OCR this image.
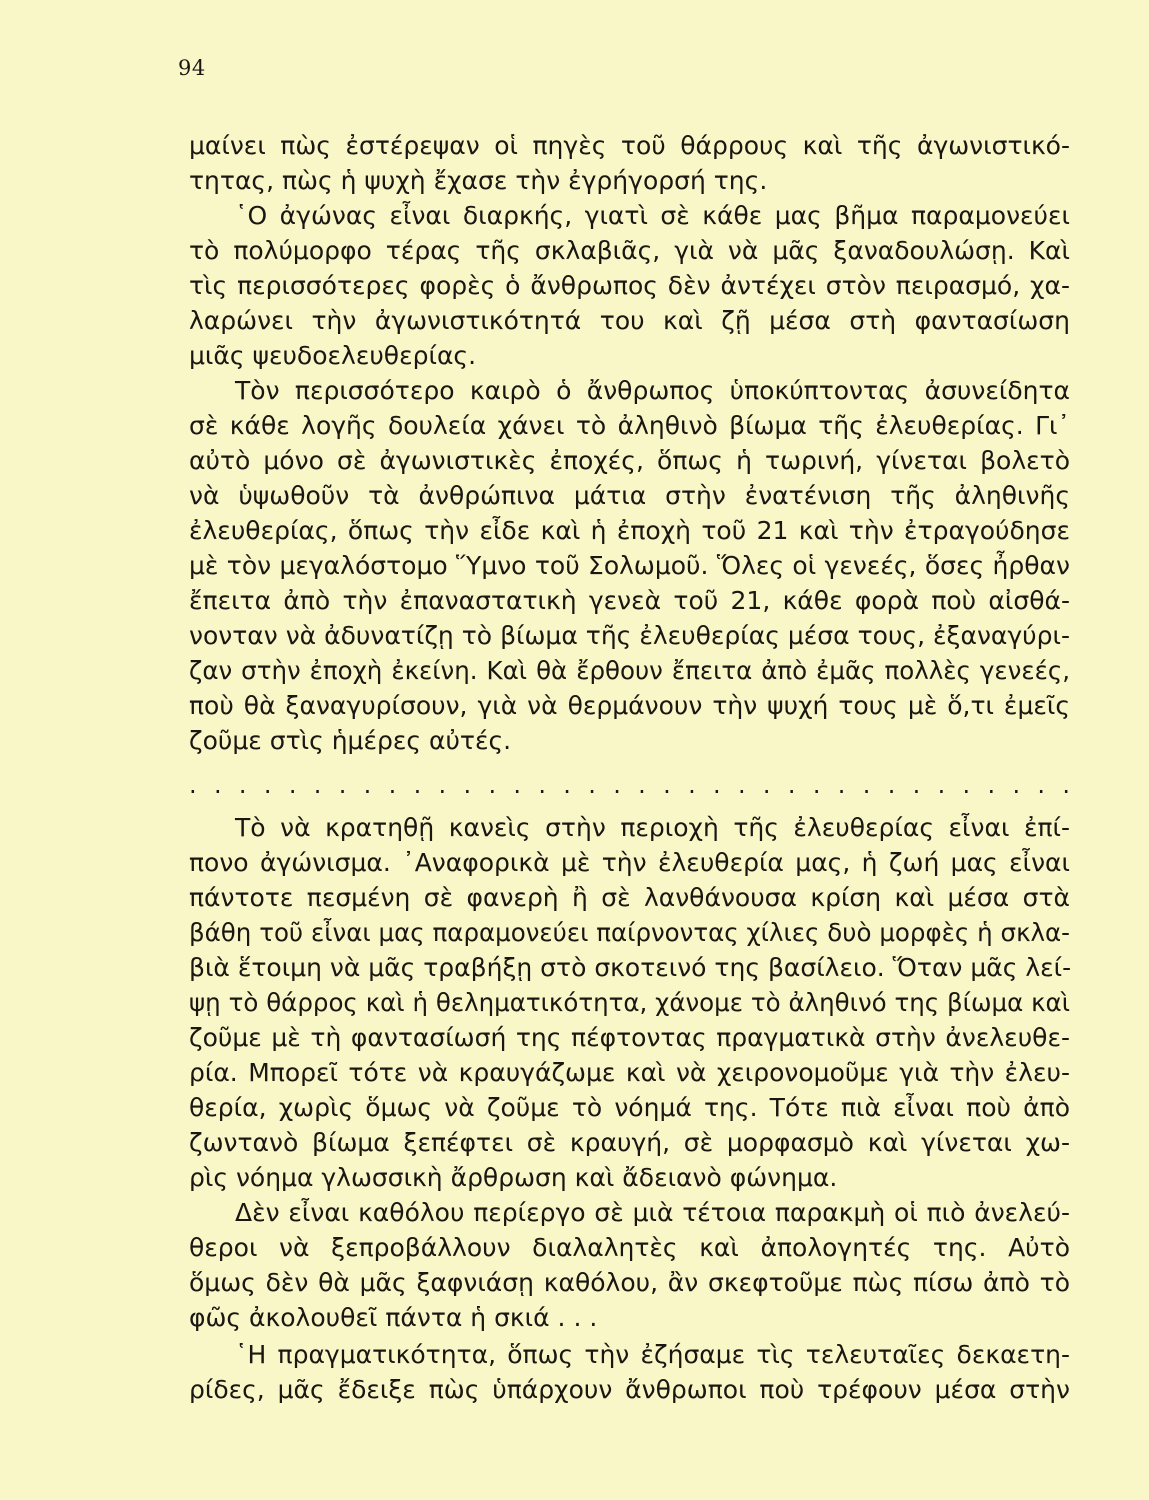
94
μαίνει πὼς ἐστέρεψαν οἱ πηγὲς τοῦ θάρρους καὶ τῆς ἀγωνιστικό-
τητας, πὼς ἡ ψυχὴ ἔχασε τὴν ἐγρήγορσή της.
῾Ο ἀγώνας εἶναι διαρκής, γιατὶ σὲ κάθε μας βῆμα παραμονεύει
τὸ πολύμορφο τέρας τῆς σκλαβιᾶς, γιὰ νὰ μᾶς ξαναδουλώσῃ. Καὶ
τὶς περισσότερες φορὲς ὁ ἄνθρωπος δὲν ἀντέχει στὸν πειρασμό, χα-
λαρώνει τὴν ἀγωνιστικότητά του καὶ ζῇ μέσα στὴ φαντασίωση
μιᾶς ψευδοελευθερίας.
Τὸν περισσότερο καιρὸ ὁ ἄνθρωπος ὑποκύπτοντας ἀσυνείδητα
σὲ κάθε λογῆς δουλεία χάνει τὸ ἀληθινὸ βίωμα τῆς ἐλευθερίας. Γι᾿
αὐτὸ μόνο σὲ ἀγωνιστικὲς ἐποχές, ὅπως ἡ τωρινή, γίνεται βολετὸ
νὰ ὑψωθοῦν τὰ ἀνθρώπινα μάτια στὴν ἐνατένιση τῆς ἀληθινῆς
ἐλευθερίας, ὅπως τὴν εἶδε καὶ ἡ ἐποχὴ τοῦ 21 καὶ τὴν ἐτραγούδησε
μὲ τὸν μεγαλόστομο Ὕμνο τοῦ Σολωμοῦ. Ὅλες οἱ γενεές, ὅσες ἦρθαν
ἔπειτα ἀπὸ τὴν ἐπαναστατικὴ γενεὰ τοῦ 21, κάθε φορὰ ποὺ αἰσθά-
νονταν νὰ ἀδυνατίζῃ τὸ βίωμα τῆς ἐλευθερίας μέσα τους, ἐξαναγύρι-
ζαν στὴν ἐποχὴ ἐκείνη. Καὶ θὰ ἔρθουν ἔπειτα ἀπὸ ἐμᾶς πολλὲς γενεές,
ποὺ θὰ ξαναγυρίσουν, γιὰ νὰ θερμάνουν τὴν ψυχή τους μὲ ὅ,τι ἐμεῖς
ζοῦμε στὶς ἡμέρες αὐτές.
. . . . . . . . . . . . . . . . . . . . . . . . . . . . . . . . . . . .
Τὸ νὰ κρατηθῇ κανεὶς στὴν περιοχὴ τῆς ἐλευθερίας εἶναι ἐπί-
πονο ἀγώνισμα. ᾿Αναφορικὰ μὲ τὴν ἐλευθερία μας, ἡ ζωή μας εἶναι
πάντοτε πεσμένη σὲ φανερὴ ἢ σὲ λανθάνουσα κρίση καὶ μέσα στὰ
βάθη τοῦ εἶναι μας παραμονεύει παίρνοντας χίλιες δυὸ μορφὲς ἡ σκλα-
βιὰ ἕτοιμη νὰ μᾶς τραβήξῃ στὸ σκοτεινό της βασίλειο. Ὅταν μᾶς λεί-
ψῃ τὸ θάρρος καὶ ἡ θεληματικότητα, χάνομε τὸ ἀληθινό της βίωμα καὶ
ζοῦμε μὲ τὴ φαντασίωσή της πέφτοντας πραγματικὰ στὴν ἀνελευθε-
ρία. Μπορεῖ τότε νὰ κραυγάζωμε καὶ νὰ χειρονομοῦμε γιὰ τὴν ἐλευ-
θερία, χωρὶς ὅμως νὰ ζοῦμε τὸ νόημά της. Τότε πιὰ εἶναι ποὺ ἀπὸ
ζωντανὸ βίωμα ξεπέφτει σὲ κραυγή, σὲ μορφασμὸ καὶ γίνεται χω-
ρὶς νόημα γλωσσικὴ ἄρθρωση καὶ ἄδειανὸ φώνημα.
Δὲν εἶναι καθόλου περίεργο σὲ μιὰ τέτοια παρακμὴ οἱ πιὸ ἀνελεύ-
θεροι νὰ ξεπροβάλλουν διαλαλητὲς καὶ ἀπολογητές της. Αὐτὸ
ὅμως δὲν θὰ μᾶς ξαφνιάσῃ καθόλου, ἂν σκεφτοῦμε πὼς πίσω ἀπὸ τὸ
φῶς ἀκολουθεῖ πάντα ἡ σκιά . . .
῾Η πραγματικότητα, ὅπως τὴν ἐζήσαμε τὶς τελευταῖες δεκαετη-
ρίδες, μᾶς ἔδειξε πὼς ὑπάρχουν ἄνθρωποι ποὺ τρέφουν μέσα στὴν
